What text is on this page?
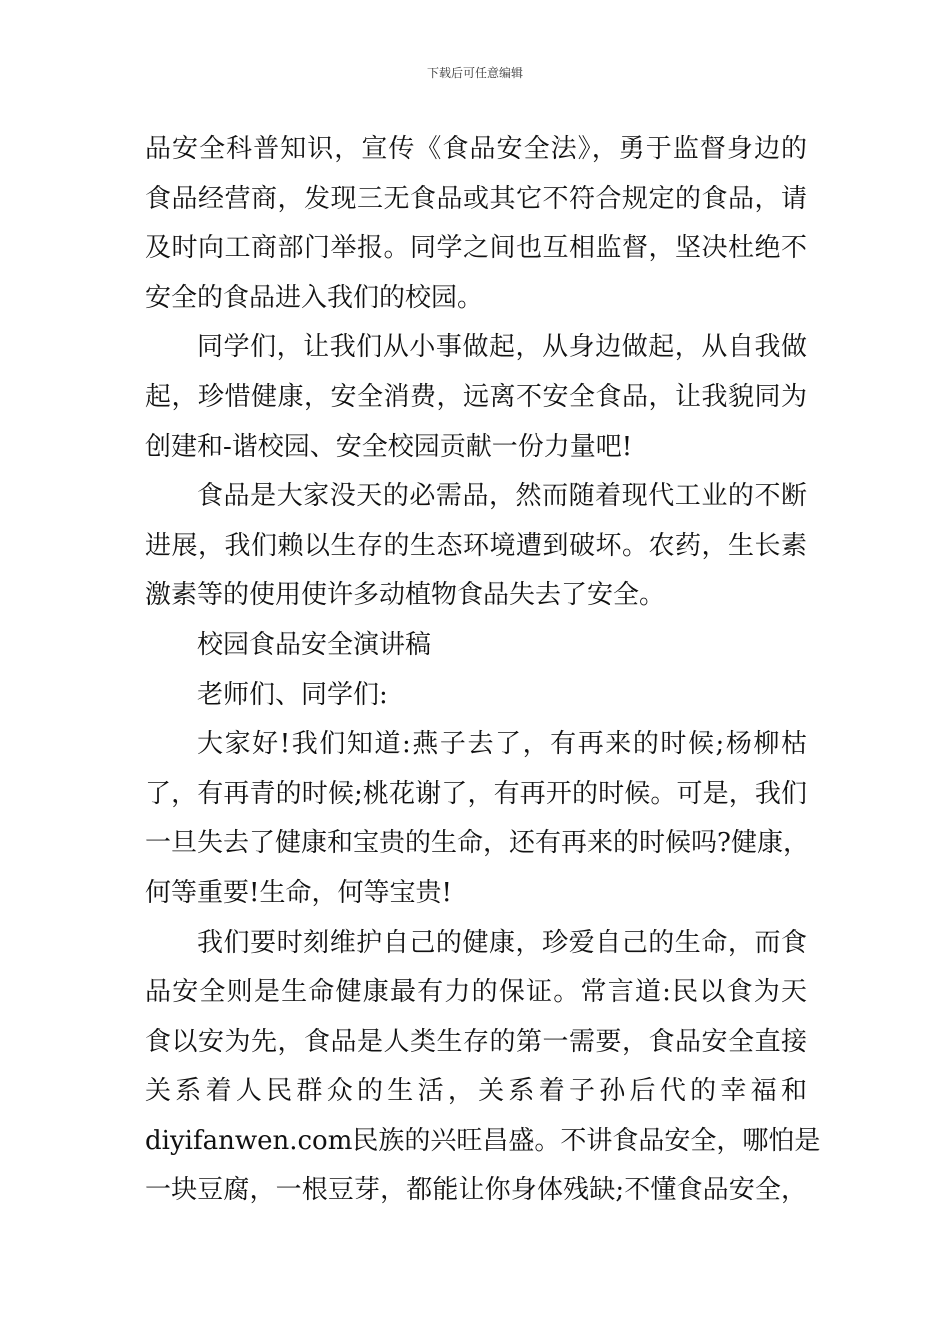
下载后可任意编辑
品安全科普知识，宣传《食品安全法》，勇于监督身边的
食品经营商，发现三无食品或其它不符合规定的食品，请
及时向工商部门举报。同学之间也互相监督，坚决杜绝不
安全的食品进入我们的校园。
同学们，让我们从小事做起，从身边做起，从自我做
起，珍惜健康，安全消费，远离不安全食品，让我貌同为
创建和-谐校园、安全校园贡献一份力量吧!
食品是大家没天的必需品，然而随着现代工业的不断
进展，我们赖以生存的生态环境遭到破坏。农药，生长素
激素等的使用使许多动植物食品失去了安全。
校园食品安全演讲稿
老师们、同学们:
大家好!我们知道:燕子去了，有再来的时候;杨柳枯
了，有再青的时候;桃花谢了，有再开的时候。可是，我们
一旦失去了健康和宝贵的生命，还有再来的时候吗?健康，
何等重要!生命，何等宝贵!
我们要时刻维护自己的健康，珍爱自己的生命，而食
品安全则是生命健康最有力的保证。常言道:民以食为天
食以安为先，食品是人类生存的第一需要，食品安全直接
关系着人民群众的生活，关系着子孙后代的幸福和
diyifanwen.com民族的兴旺昌盛。不讲食品安全，哪怕是
一块豆腐，一根豆芽，都能让你身体残缺;不懂食品安全，
